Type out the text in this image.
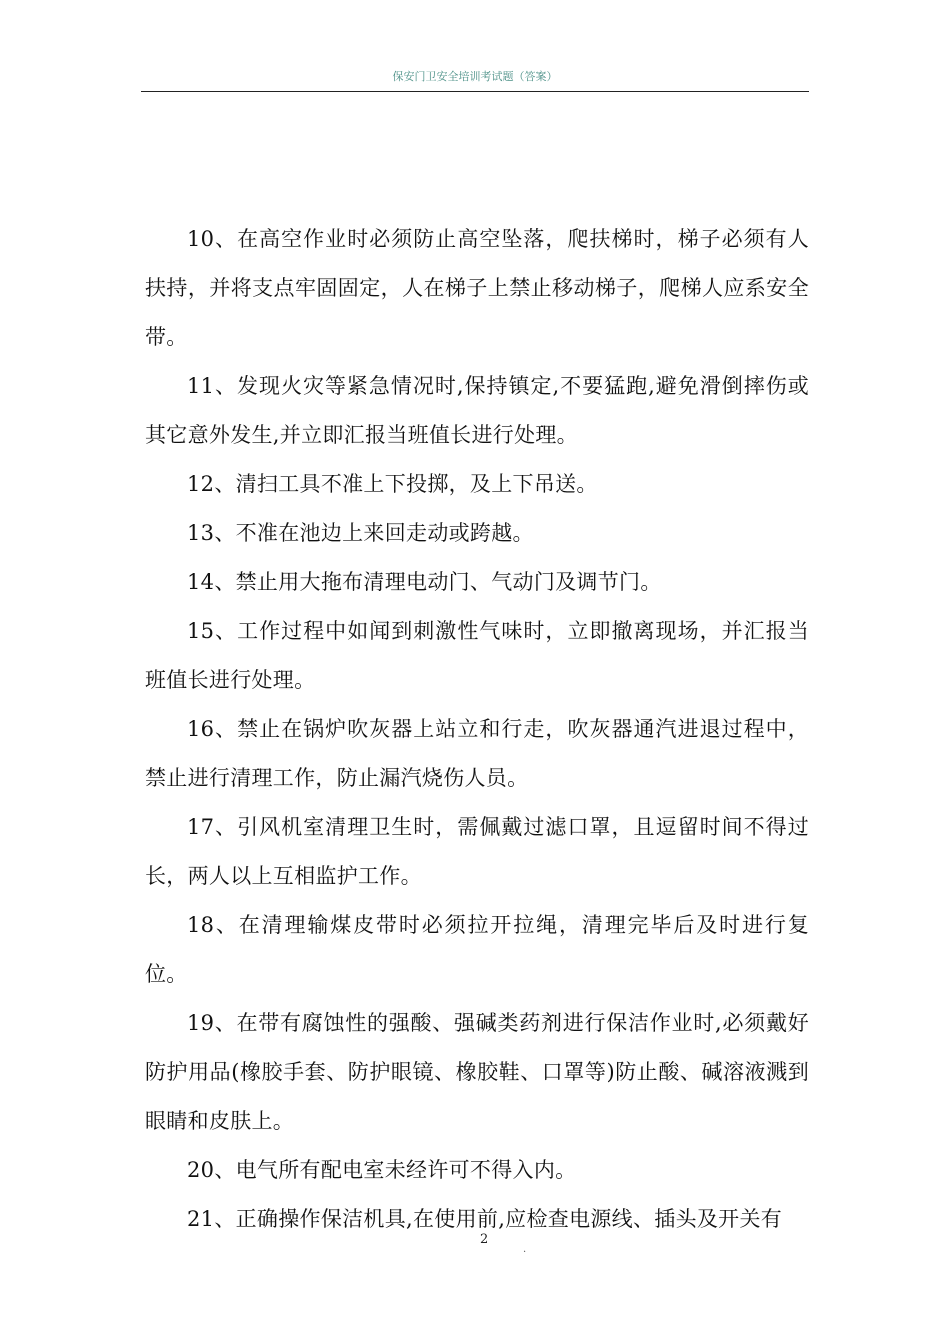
保安门卫安全培训考试题（答案）

10、在高空作业时必须防止高空坠落，爬扶梯时，梯子必须有人扶持，并将支点牢固固定，人在梯子上禁止移动梯子，爬梯人应系安全带。

11、发现火灾等紧急情况时,保持镇定,不要猛跑,避免滑倒摔伤或其它意外发生,并立即汇报当班值长进行处理。

12、清扫工具不准上下投掷，及上下吊送。

13、不准在池边上来回走动或跨越。

14、禁止用大拖布清理电动门、气动门及调节门。

15、工作过程中如闻到刺激性气味时，立即撤离现场，并汇报当班值长进行处理。

16、禁止在锅炉吹灰器上站立和行走，吹灰器通汽进退过程中，禁止进行清理工作，防止漏汽烧伤人员。

17、引风机室清理卫生时，需佩戴过滤口罩，且逗留时间不得过长，两人以上互相监护工作。

18、在清理输煤皮带时必须拉开拉绳，清理完毕后及时进行复位。

19、在带有腐蚀性的强酸、强碱类药剂进行保洁作业时,必须戴好防护用品(橡胶手套、防护眼镜、橡胶鞋、口罩等)防止酸、碱溶液溅到眼睛和皮肤上。

20、电气所有配电室未经许可不得入内。

21、正确操作保洁机具,在使用前,应检查电源线、插头及开关有

2
.
